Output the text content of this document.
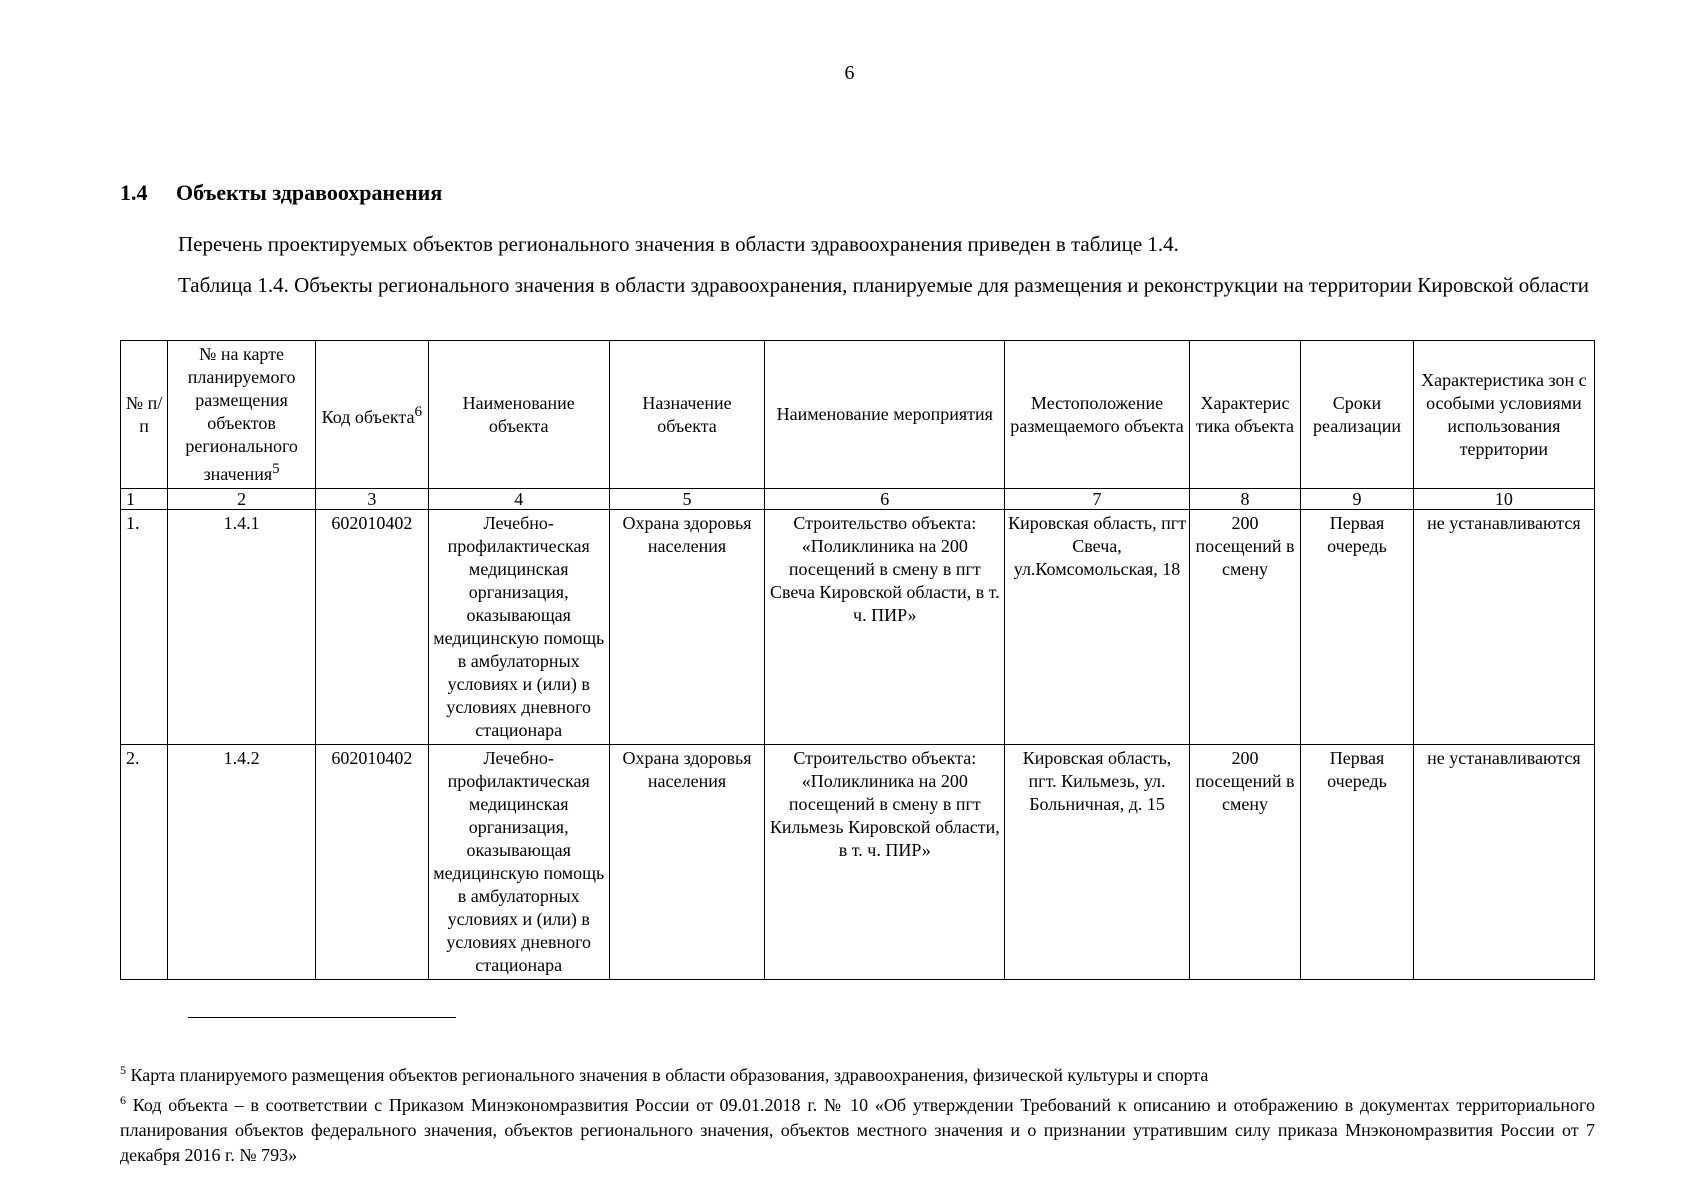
6
1.4 Объекты здравоохранения
Перечень проектируемых объектов регионального значения в области здравоохранения приведен в таблице 1.4.
Таблица 1.4. Объекты регионального значения в области здравоохранения, планируемые для размещения и реконструкции на территории Кировской области
№ п/п	№ на карте планируемого размещения объектов регионального значения$^5$	Код объекта$^6$	Наименование объекта	Назначение объекта	Наименование мероприятия	Местоположение размещаемого объекта	Характерис тика объекта	Сроки реализации	Характеристика зон с особыми условиями использования территории
1	2	3	4	5	6	7	8	9	10
1.	1.4.1	602010402	Лечебно-профилактическая медицинская организация, оказывающая медицинскую помощь в амбулаторных условиях и (или) в условиях дневного стационара	Охрана здоровья населения	Строительство объекта: «Поликлиника на 200 посещений в смену в пгт Свеча Кировской области, в т. ч. ПИР»	Кировская область, пгт Свеча, ул.Комсомольская, 18	200 посещений в смену	Первая очередь	не устанавливаются
2.	1.4.2	602010402	Лечебно-профилактическая медицинская организация, оказывающая медицинскую помощь в амбулаторных условиях и (или) в условиях дневного стационара	Охрана здоровья населения	Строительство объекта: «Поликлиника на 200 посещений в смену в пгт Кильмезь Кировской области, в т. ч. ПИР»	Кировская область, пгт. Кильмезь, ул. Больничная, д. 15	200 посещений в смену	Первая очередь	не устанавливаются

$^5$ Карта планируемого размещения объектов регионального значения в области образования, здравоохранения, физической культуры и спорта

$^6$ Код объекта – в соответствии с Приказом Минэкономразвития России от 09.01.2018 г. № 10 «Об утверждении Требований к описанию и отображению в документах территориального планирования объектов федерального значения, объектов регионального значения, объектов местного значения и о признании утратившим силу приказа Мнэкономразвития России от 7 декабря 2016 г. № 793»
